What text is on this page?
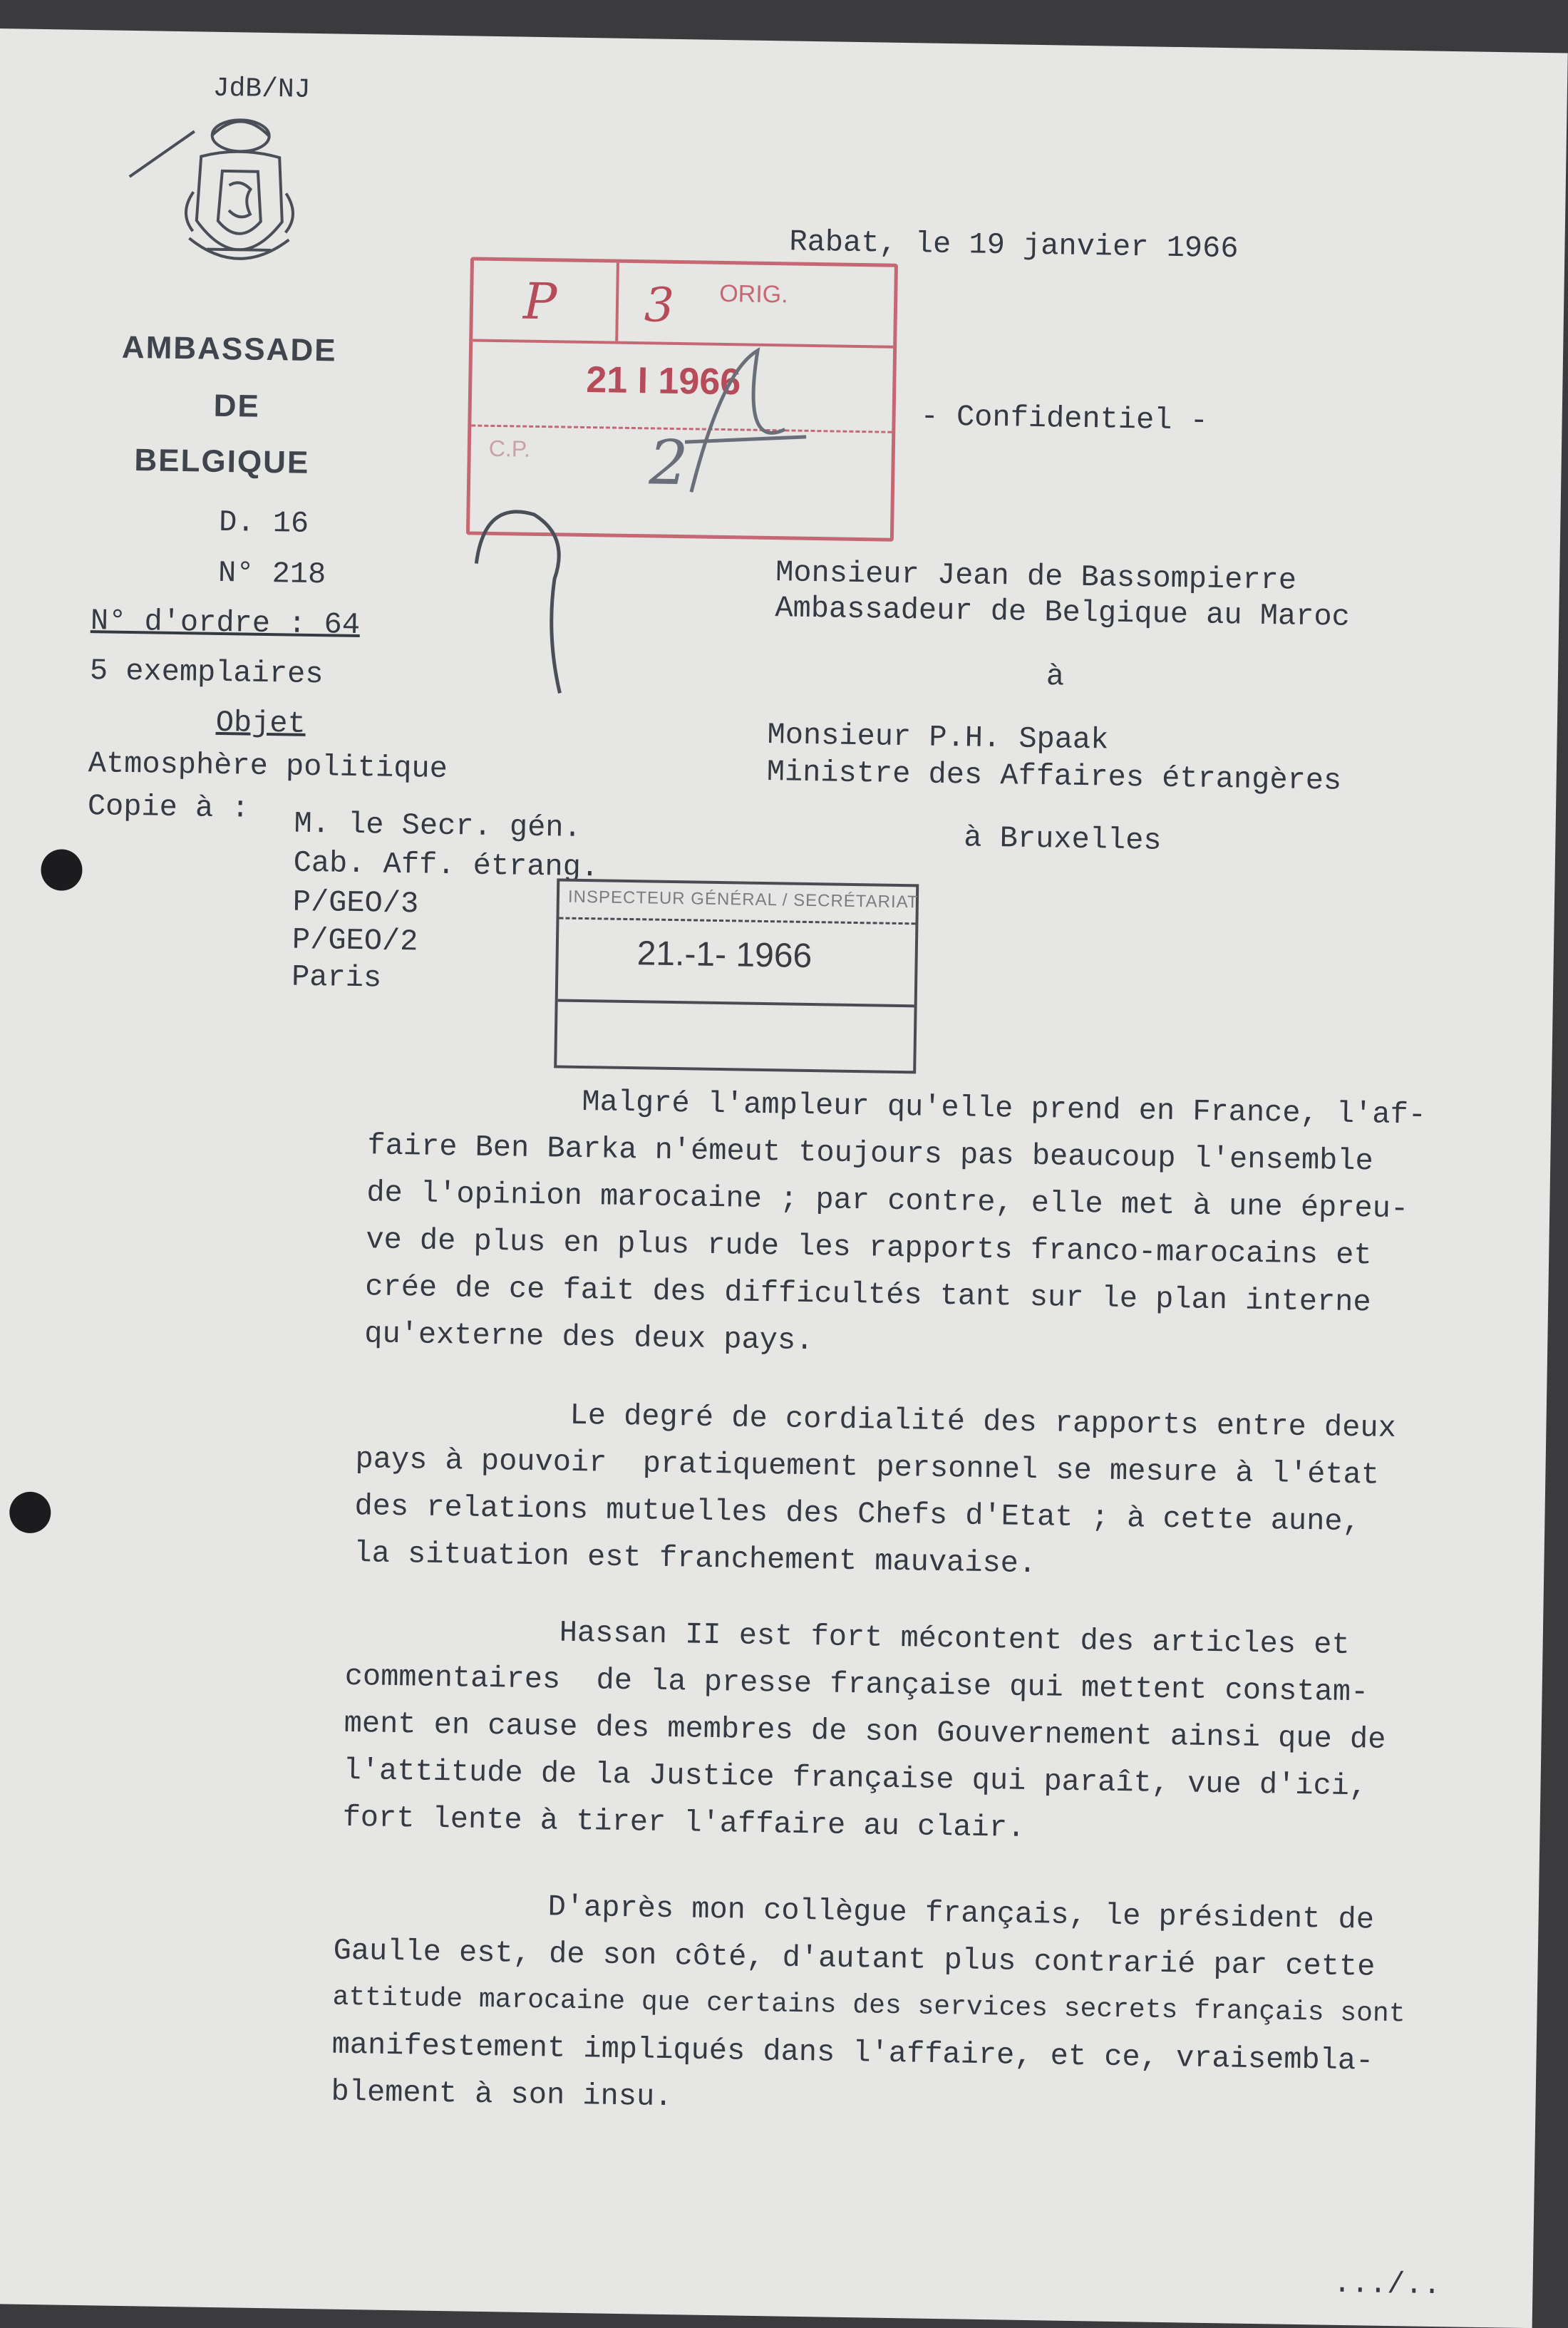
JdB/NJ
AMBASSADE
DE
BELGIQUE
D. 16
N° 218
N° d'ordre : 64
5 exemplaires
Objet
Atmosphère politique
Copie à : M. le Secr. gén.
Cab. Aff. étrang.
P/GEO/3
P/GEO/2
Paris
Rabat, le 19 janvier 1966
- Confidentiel -
P 3 ORIG.
21 I 1966
C.P. 2
Monsieur Jean de Bassompierre
Ambassadeur de Belgique au Maroc
à
Monsieur P.H. Spaak
Ministre des Affaires étrangères
à Bruxelles
INSPECTEUR GÉNÉRAL / SECRÉTARIAT
21.-1- 1966
Malgré l'ampleur qu'elle prend en France, l'af-
faire Ben Barka n'émeut toujours pas beaucoup l'ensemble
de l'opinion marocaine ; par contre, elle met à une épreu-
ve de plus en plus rude les rapports franco-marocains et
crée de ce fait des difficultés tant sur le plan interne
qu'externe des deux pays.
Le degré de cordialité des rapports entre deux
pays à pouvoir  pratiquement personnel se mesure à l'état
des relations mutuelles des Chefs d'Etat ; à cette aune,
la situation est franchement mauvaise.
Hassan II est fort mécontent des articles et
commentaires  de la presse française qui mettent constam-
ment en cause des membres de son Gouvernement ainsi que de
l'attitude de la Justice française qui paraît, vue d'ici,
fort lente à tirer l'affaire au clair.
D'après mon collègue français, le président de
Gaulle est, de son côté, d'autant plus contrarié par cette
attitude marocaine que certains des services secrets français sont
manifestement impliqués dans l'affaire, et ce, vraisembla-
blement à son insu.
.../..
